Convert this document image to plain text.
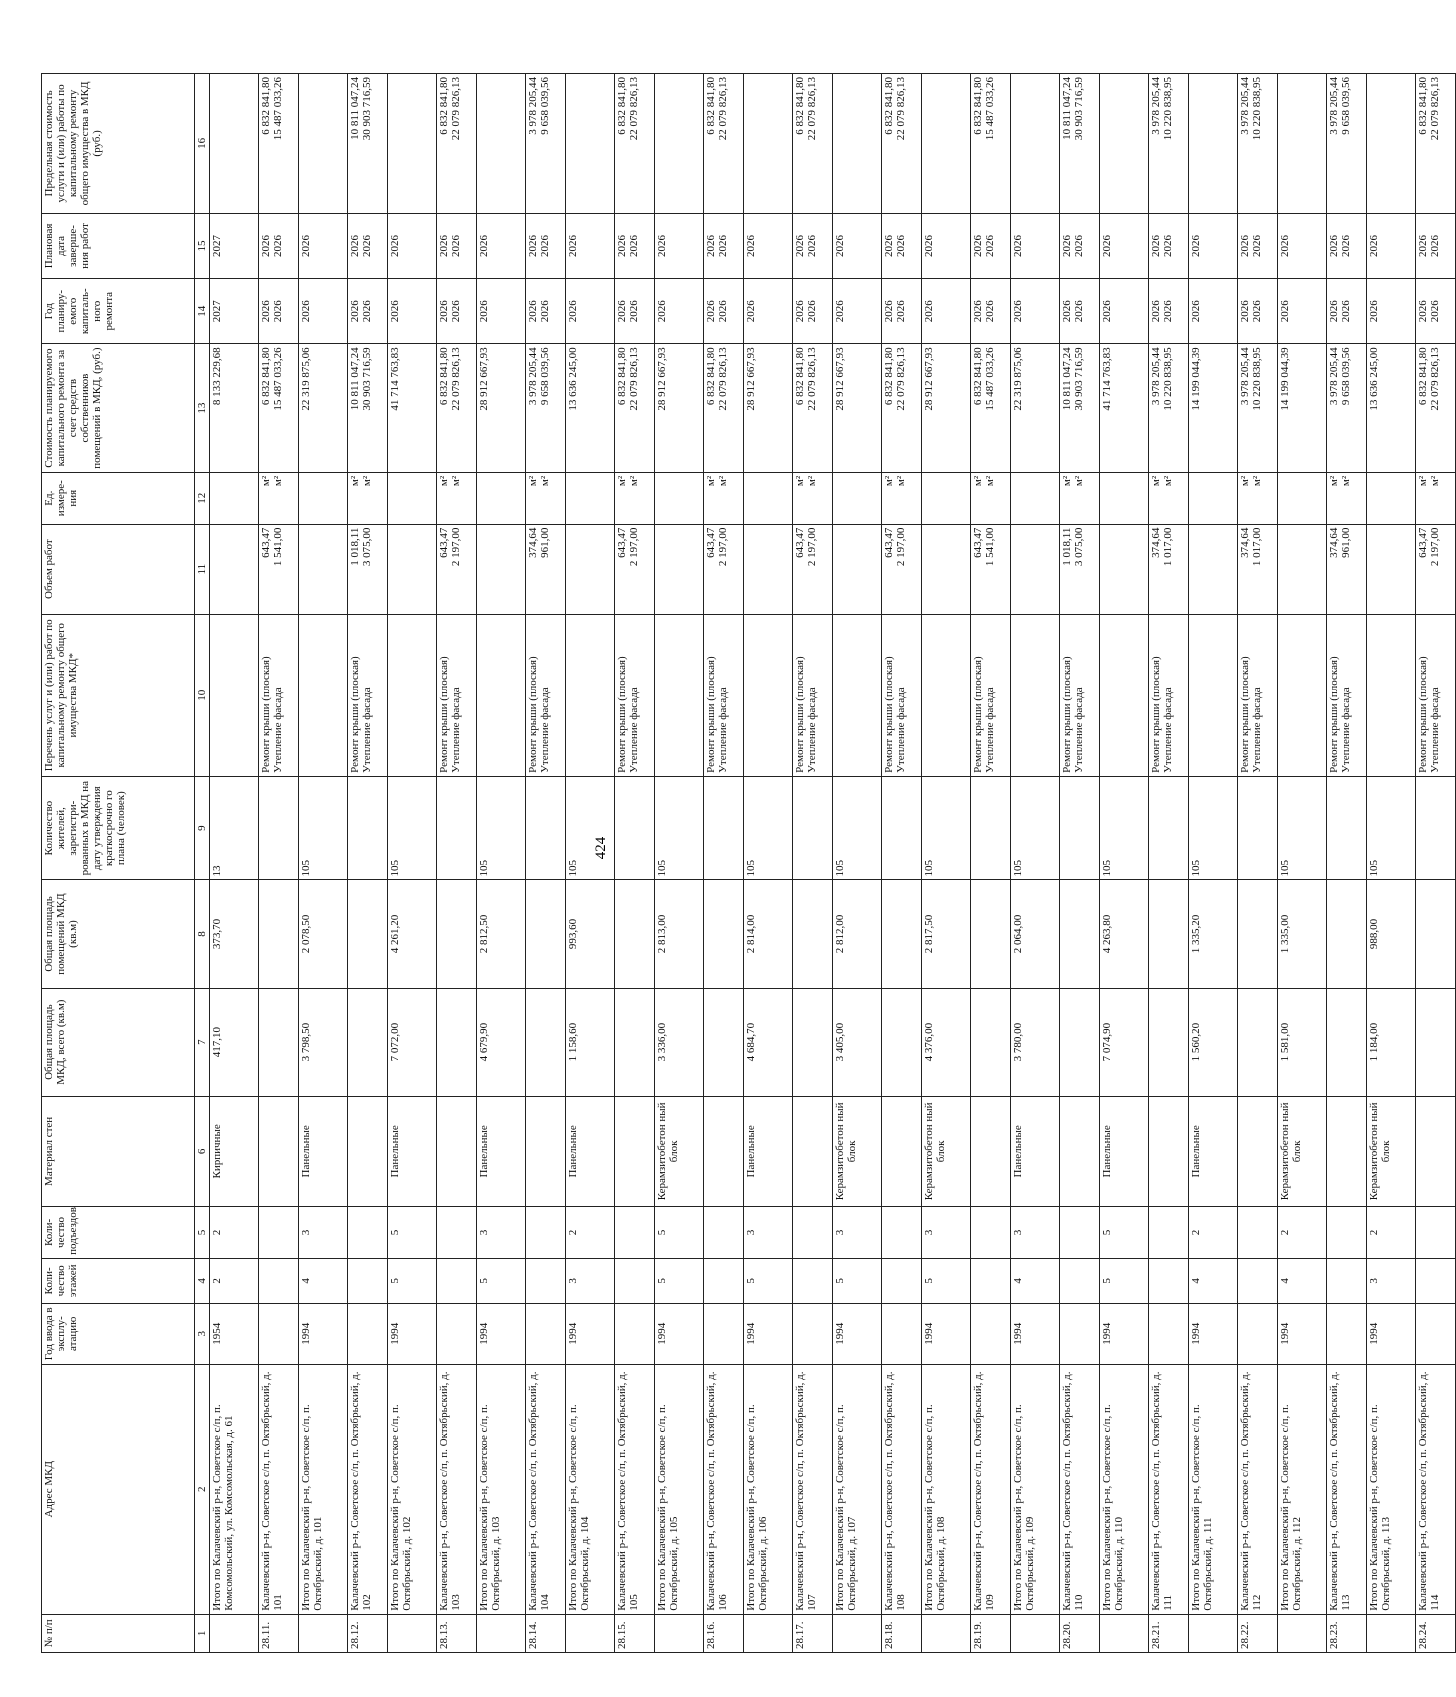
424
№ п/п	Адрес МКД	Год ввода в эксплу-атацию	Коли-чество этажей	Коли-чество подъездов	Материал стен	Общая площадь МКД, всего (кв.м)	Общая площадь помещений МКД (кв.м)	Количество жителей, зарегистри-рованных в МКД на дату утверждения краткосрочно го плана (человек)	Перечень услуг и (или) работ по капитальному ремонту общего имущества МКД*	Объем работ	Ед. измере-ния	Стоимость планируемого капитального ремонта за счет средств собственников помещений в МКД, (руб.)	Год планиру-емого капиталь-ного ремонта	Плановая дата заверше-ния работ	Предельная стоимость услуги и (или) работы по капитальному ремонту общего имущества в МКД (руб.)
1	2	3	4	5	6	7	8	9	10	11	12	13	14	15	16
	Итого по Калачевский р-н, Советское с/п, п. Комсомольский, ул. Комсомольская, д. 61	1954	2	2	Кирпичные	417,10	373,70	13				8 133 229,68	2027	2027	

28.11.	Калачевский р-н, Советское с/п, п. Октябрьский, д. 101								Ремонт крыши (плоская) Утепление фасада	643,47 1 541,00	м² м²	6 832 841,80 15 487 033,26	2026 2026	2026 2026	6 832 841,80 15 487 033,26

	Итого по Калачевский р-н, Советское с/п, п. Октябрьский, д. 101	1994	4	3	Панельные	3 798,50	2 078,50	105				22 319 875,06	2026	2026	

28.12.	Калачевский р-н, Советское с/п, п. Октябрьский, д. 102								Ремонт крыши (плоская) Утепление фасада	1 018,11 3 075,00	м² м²	10 811 047,24 30 903 716,59	2026 2026	2026 2026	10 811 047,24 30 903 716,59

	Итого по Калачевский р-н, Советское с/п, п. Октябрьский, д. 102	1994	5	5	Панельные	7 072,00	4 261,20	105				41 714 763,83	2026	2026	

28.13.	Калачевский р-н, Советское с/п, п. Октябрьский, д. 103								Ремонт крыши (плоская) Утепление фасада	643,47 2 197,00	м² м²	6 832 841,80 22 079 826,13	2026 2026	2026 2026	6 832 841,80 22 079 826,13

	Итого по Калачевский р-н, Советское с/п, п. Октябрьский, д. 103	1994	5	3	Панельные	4 679,90	2 812,50	105				28 912 667,93	2026	2026	

28.14.	Калачевский р-н, Советское с/п, п. Октябрьский, д. 104								Ремонт крыши (плоская) Утепление фасада	374,64 961,00	м² м²	3 978 205,44 9 658 039,56	2026 2026	2026 2026	3 978 205,44 9 658 039,56

	Итого по Калачевский р-н, Советское с/п, п. Октябрьский, д. 104	1994	3	2	Панельные	1 158,60	993,60	105				13 636 245,00	2026	2026	

28.15.	Калачевский р-н, Советское с/п, п. Октябрьский, д. 105								Ремонт крыши (плоская) Утепление фасада	643,47 2 197,00	м² м²	6 832 841,80 22 079 826,13	2026 2026	2026 2026	6 832 841,80 22 079 826,13

	Итого по Калачевский р-н, Советское с/п, п. Октябрьский, д. 105	1994	5	5	Керамзитобетон ный блок	3 336,00	2 813,00	105				28 912 667,93	2026	2026	

28.16.	Калачевский р-н, Советское с/п, п. Октябрьский, д. 106								Ремонт крыши (плоская) Утепление фасада	643,47 2 197,00	м² м²	6 832 841,80 22 079 826,13	2026 2026	2026 2026	6 832 841,80 22 079 826,13

	Итого по Калачевский р-н, Советское с/п, п. Октябрьский, д. 106	1994	5	3	Панельные	4 684,70	2 814,00	105				28 912 667,93	2026	2026	

28.17.	Калачевский р-н, Советское с/п, п. Октябрьский, д. 107								Ремонт крыши (плоская) Утепление фасада	643,47 2 197,00	м² м²	6 832 841,80 22 079 826,13	2026 2026	2026 2026	6 832 841,80 22 079 826,13

	Итого по Калачевский р-н, Советское с/п, п. Октябрьский, д. 107	1994	5	3	Керамзитобетон ный блок	3 405,00	2 812,00	105				28 912 667,93	2026	2026	

28.18.	Калачевский р-н, Советское с/п, п. Октябрьский, д. 108								Ремонт крыши (плоская) Утепление фасада	643,47 2 197,00	м² м²	6 832 841,80 22 079 826,13	2026 2026	2026 2026	6 832 841,80 22 079 826,13

	Итого по Калачевский р-н, Советское с/п, п. Октябрьский, д. 108	1994	5	3	Керамзитобетон ный блок	4 376,00	2 817,50	105				28 912 667,93	2026	2026	

28.19.	Калачевский р-н, Советское с/п, п. Октябрьский, д. 109								Ремонт крыши (плоская) Утепление фасада	643,47 1 541,00	м² м²	6 832 841,80 15 487 033,26	2026 2026	2026 2026	6 832 841,80 15 487 033,26

	Итого по Калачевский р-н, Советское с/п, п. Октябрьский, д. 109	1994	4	3	Панельные	3 780,00	2 064,00	105				22 319 875,06	2026	2026	

28.20.	Калачевский р-н, Советское с/п, п. Октябрьский, д. 110								Ремонт крыши (плоская) Утепление фасада	1 018,11 3 075,00	м² м²	10 811 047,24 30 903 716,59	2026 2026	2026 2026	10 811 047,24 30 903 716,59

	Итого по Калачевский р-н, Советское с/п, п. Октябрьский, д. 110	1994	5	5	Панельные	7 074,90	4 263,80	105				41 714 763,83	2026	2026	

28.21.	Калачевский р-н, Советское с/п, п. Октябрьский, д. 111								Ремонт крыши (плоская) Утепление фасада	374,64 1 017,00	м² м²	3 978 205,44 10 220 838,95	2026 2026	2026 2026	3 978 205,44 10 220 838,95

	Итого по Калачевский р-н, Советское с/п, п. Октябрьский, д. 111	1994	4	2	Панельные	1 560,20	1 335,20	105				14 199 044,39	2026	2026	

28.22.	Калачевский р-н, Советское с/п, п. Октябрьский, д. 112								Ремонт крыши (плоская) Утепление фасада	374,64 1 017,00	м² м²	3 978 205,44 10 220 838,95	2026 2026	2026 2026	3 978 205,44 10 220 838,95

	Итого по Калачевский р-н, Советское с/п, п. Октябрьский, д. 112	1994	4	2	Керамзитобетон ный блок	1 581,00	1 335,00	105				14 199 044,39	2026	2026	

28.23.	Калачевский р-н, Советское с/п, п. Октябрьский, д. 113								Ремонт крыши (плоская) Утепление фасада	374,64 961,00	м² м²	3 978 205,44 9 658 039,56	2026 2026	2026 2026	3 978 205,44 9 658 039,56

	Итого по Калачевский р-н, Советское с/п, п. Октябрьский, д. 113	1994	3	2	Керамзитобетон ный блок	1 184,00	988,00	105				13 636 245,00	2026	2026	

28.24.	Калачевский р-н, Советское с/п, п. Октябрьский, д. 114								Ремонт крыши (плоская) Утепление фасада	643,47 2 197,00	м² м²	6 832 841,80 22 079 826,13	2026 2026	2026 2026	6 832 841,80 22 079 826,13
